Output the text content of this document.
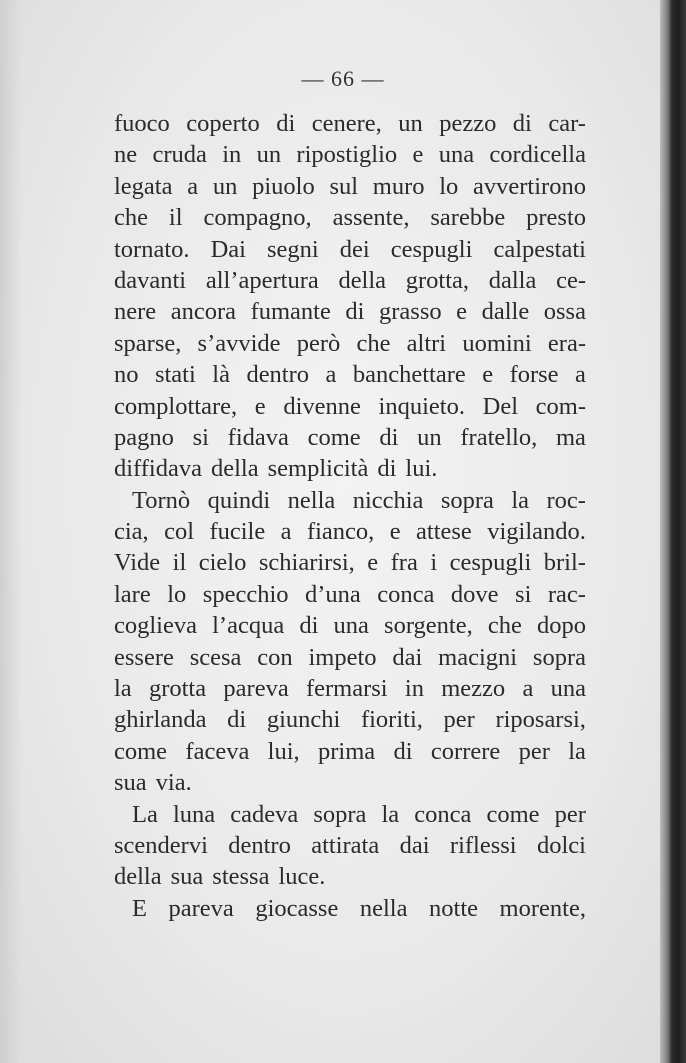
— 66 —
fuoco coperto di cenere, un pezzo di car-
ne cruda in un ripostiglio e una cordicella
legata a un piuolo sul muro lo avvertirono
che il compagno, assente, sarebbe presto
tornato. Dai segni dei cespugli calpestati
davanti all’apertura della grotta, dalla ce-
nere ancora fumante di grasso e dalle ossa
sparse, s’avvide però che altri uomini era-
no stati là dentro a banchettare e forse a
complottare, e divenne inquieto. Del com-
pagno si fidava come di un fratello, ma
diffidava della semplicità di lui.
Tornò quindi nella nicchia sopra la roc-
cia, col fucile a fianco, e attese vigilando.
Vide il cielo schiarirsi, e fra i cespugli bril-
lare lo specchio d’una conca dove si rac-
coglieva l’acqua di una sorgente, che dopo
essere scesa con impeto dai macigni sopra
la grotta pareva fermarsi in mezzo a una
ghirlanda di giunchi fioriti, per riposarsi,
come faceva lui, prima di correre per la
sua via.
La luna cadeva sopra la conca come per
scendervi dentro attirata dai riflessi dolci
della sua stessa luce.
E pareva giocasse nella notte morente,
